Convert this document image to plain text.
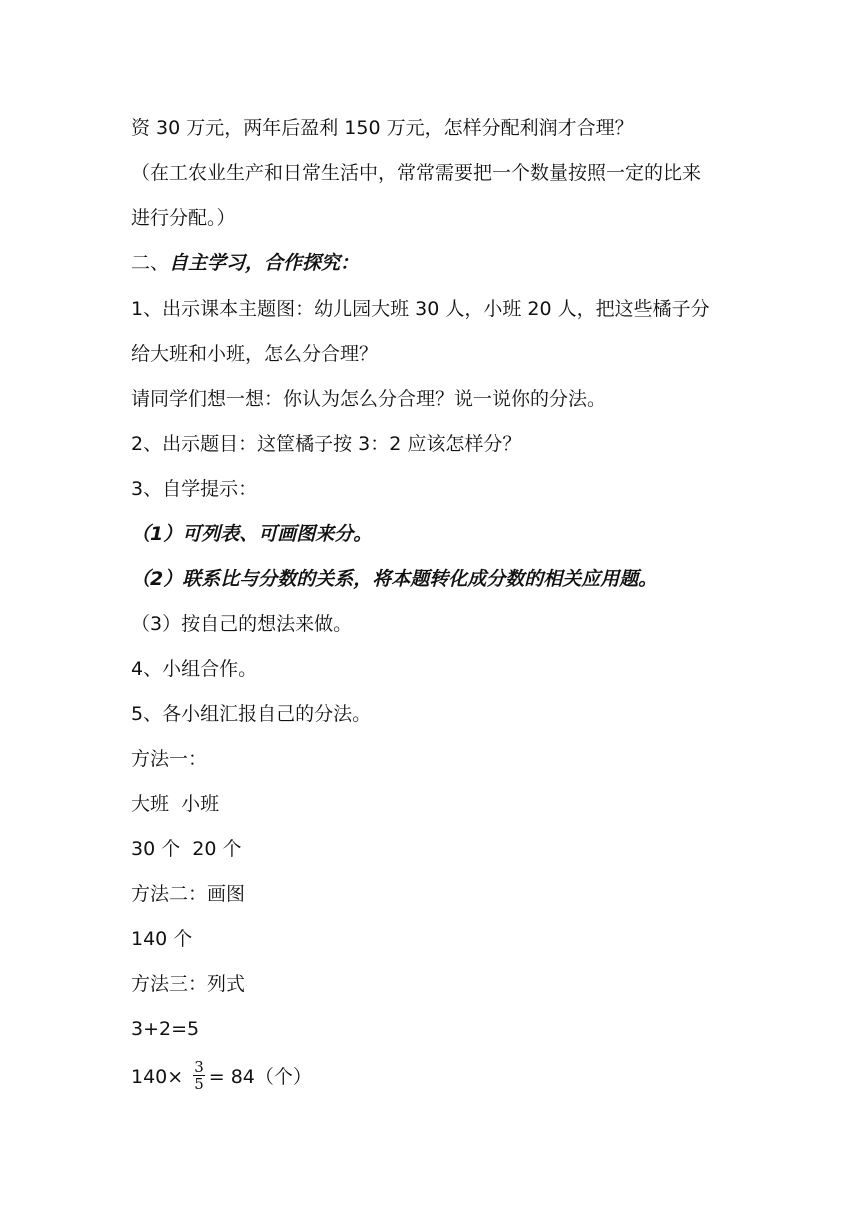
资 30 万元，两年后盈利 150 万元，怎样分配利润才合理？
（在工农业生产和日常生活中，常常需要把一个数量按照一定的比来
进行分配。）
二、自主学习，合作探究：
1、出示课本主题图：幼儿园大班 30 人，小班 20 人，把这些橘子分
给大班和小班，怎么分合理？
请同学们想一想：你认为怎么分合理？说一说你的分法。
2、出示题目：这筐橘子按 3：2 应该怎样分？
3、自学提示：
（1）可列表、可画图来分。
（2）联系比与分数的关系，将本题转化成分数的相关应用题。
（3）按自己的想法来做。
4、小组合作。
5、各小组汇报自己的分法。
方法一：
大班  小班
30 个  20 个
方法二：画图
140 个
方法三：列式
3+2=5
$140\times \frac{3}{5} = 84$（个）
